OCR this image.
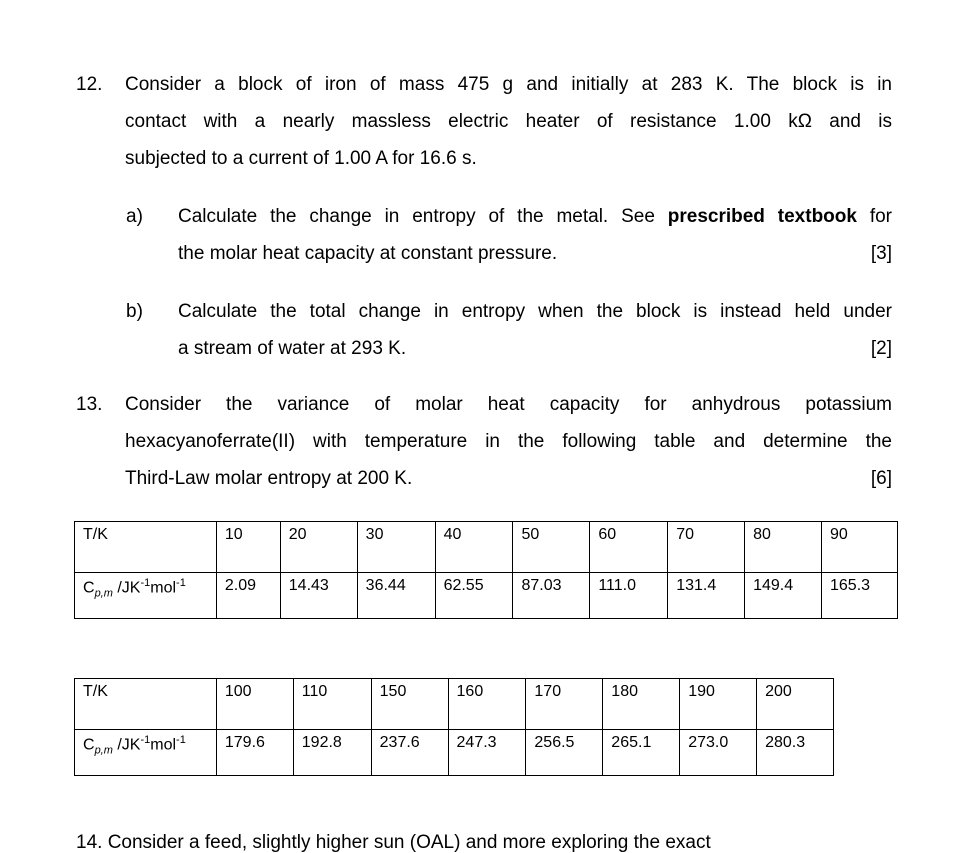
12. Consider a block of iron of mass 475 g and initially at 283 K. The block is in
contact with a nearly massless electric heater of resistance 1.00 kΩ and is
subjected to a current of 1.00 A for 16.6 s.
a) Calculate the change in entropy of the metal. See prescribed textbook for
the molar heat capacity at constant pressure.	[3]
b) Calculate the total change in entropy when the block is instead held under
a stream of water at 293 K.	[2]
13. Consider the variance of molar heat capacity for anhydrous potassium
hexacyanoferrate(II) with temperature in the following table and determine the
Third-Law molar entropy at 200 K.	[6]
T/K	10	20	30	40	50	60	70	80	90
$C_{p,m}$ $/JK^{-1}mol^{-1}$	2.09	14.43	36.44	62.55	87.03	111.0	131.4	149.4	165.3
T/K	100	110	150	160	170	180	190	200
$C_{p,m}$ $/JK^{-1}mol^{-1}$	179.6	192.8	237.6	247.3	256.5	265.1	273.0	280.3
14. Consider a feed, slightly higher sun (OAL) and more exploring the exact
